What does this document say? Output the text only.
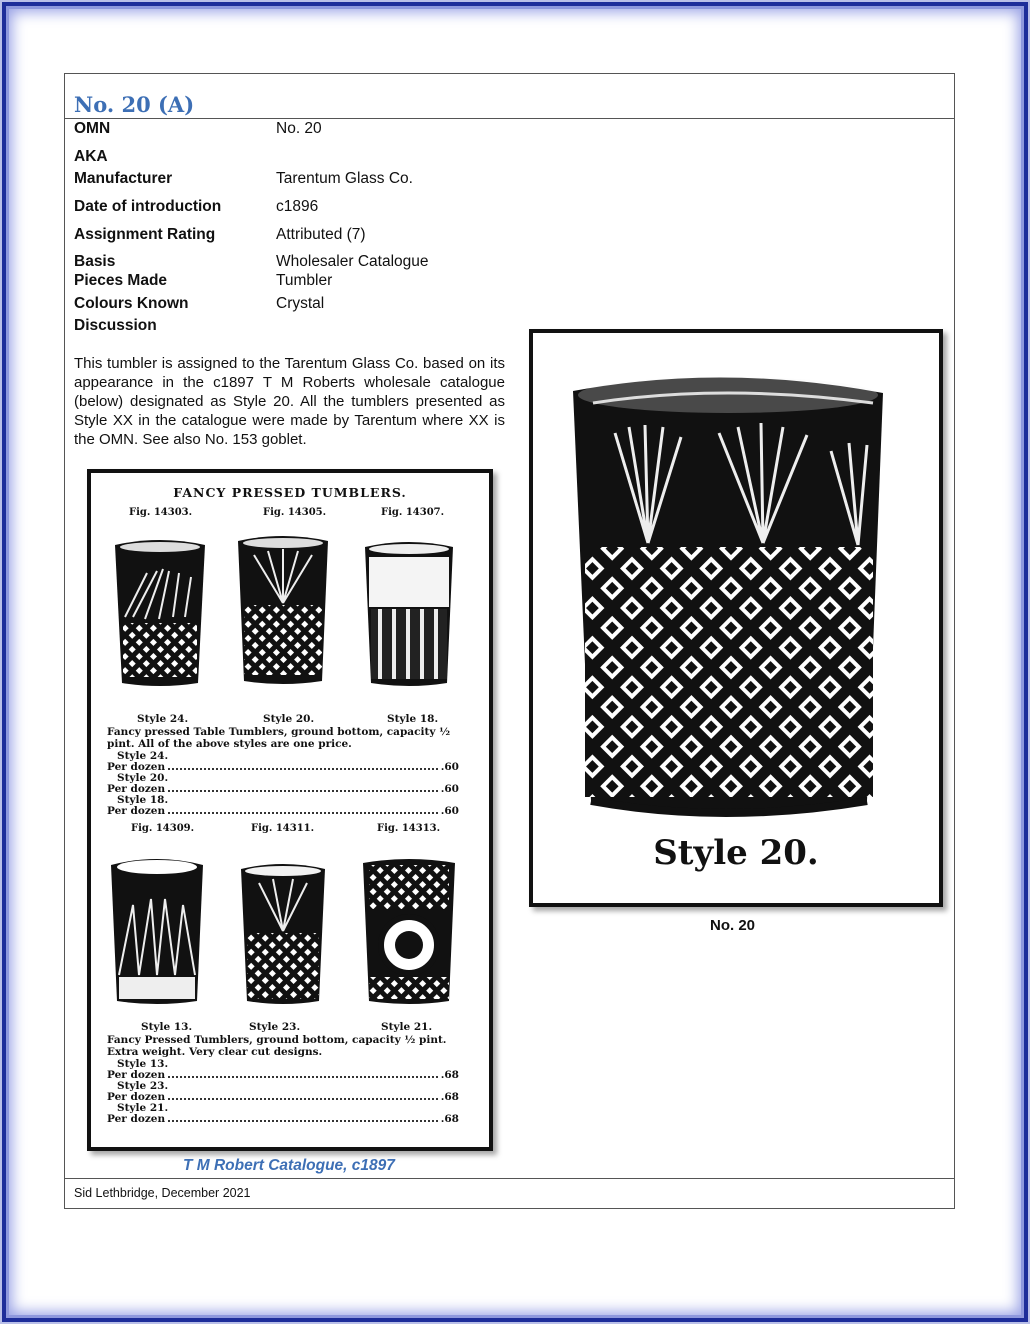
No. 20 (A)
OMN	No. 20
AKA
Manufacturer	Tarentum Glass Co.
Date of introduction	c1896
Assignment Rating	Attributed (7)
Basis	Wholesaler Catalogue
Pieces Made	Tumbler
Colours Known	Crystal
Discussion

This tumbler is assigned to the Tarentum Glass Co. based on its appearance in the c1897 T M Roberts wholesale catalogue (below) designated as Style 20. All the tumblers presented as Style XX in the catalogue were made by Tarentum where XX is the OMN. See also No. 153 goblet.

FANCY PRESSED TUMBLERS.
Fig. 14303.	Fig. 14305.	Fig. 14307.
Style 24.	Style 20.	Style 18.
Fancy pressed Table Tumblers, ground bottom, capacity ½ pint. All of the above styles are one price.
Style 24.
Per dozen	.60
Style 20.
Per dozen	.60
Style 18.
Per dozen	.60
Fig. 14309.	Fig. 14311.	Fig. 14313.
Style 13.	Style 23.	Style 21.
Fancy Pressed Tumblers, ground bottom, capacity ½ pint. Extra weight. Very clear cut designs.
Style 13.
Per dozen	.68
Style 23.
Per dozen	.68
Style 21.
Per dozen	.68

T M Robert Catalogue, c1897

Style 20.

No. 20

Sid Lethbridge, December 2021
